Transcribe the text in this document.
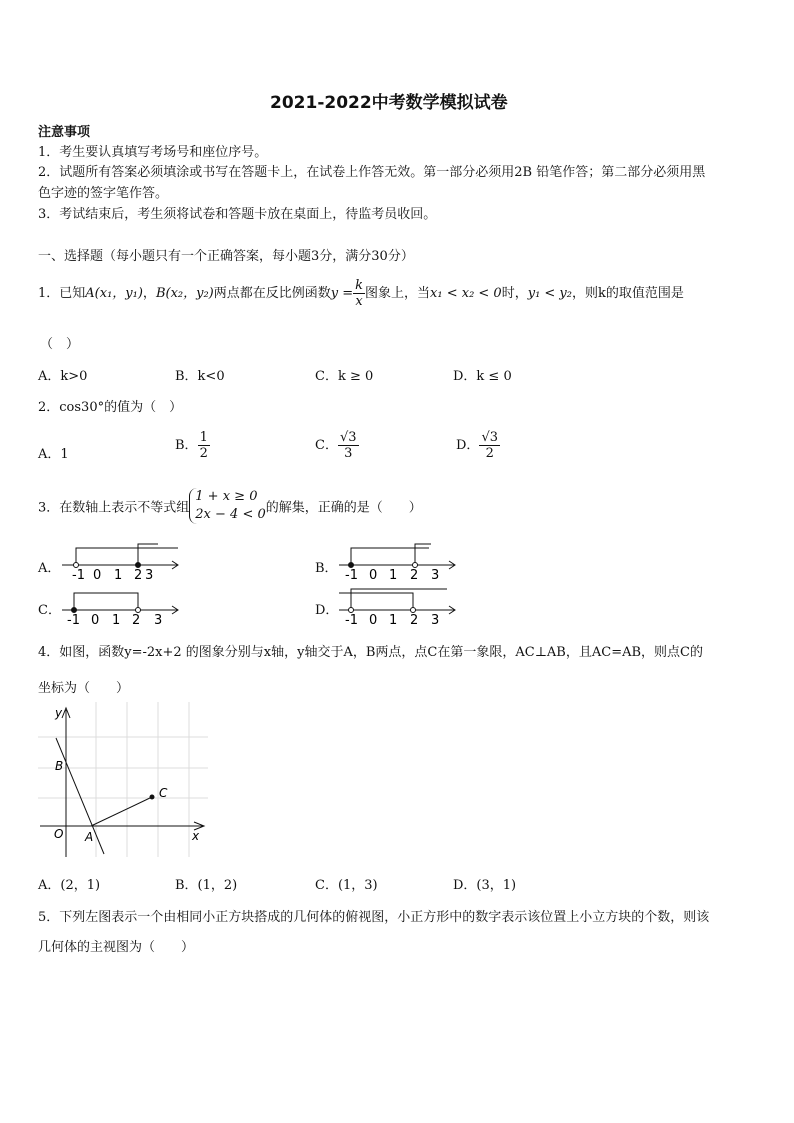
2021-2022中考数学模拟试卷
注意事项
1．考生要认真填写考场号和座位序号。
2．试题所有答案必须填涂或书写在答题卡上，在试卷上作答无效。第一部分必须用2B 铅笔作答；第二部分必须用黑
色字迹的签字笔作答。
3．考试结束后，考生须将试卷和答题卡放在桌面上，待监考员收回。
一、选择题（每小题只有一个正确答案，每小题3分，满分30分）
1．已知A(x₁，y₁)，B(x₂，y₂)两点都在反比例函数$y = \frac{k}{x}$ 图象上，当x₁ < x₂ < 0时，y₁ < y₂，则k的取值范围是
（　）
A．k>0	B．k<0	C．k ≥ 0	D．k ≤ 0
2．cos30°的值为（　）
A．1
B． $\frac{1}{2}$	C． $\frac{√3}{3}$	D． $\frac{√3}{2}$
3．在数轴上表示不等式组
1 + x ≥ 0
2x − 4 < 0 的解集，正确的是（　　）
A．	B．
C．	D．
-1 0 1 2 3	-1 0 1 2 3
-1 0 1 2 3	-1 0 1 2 3
4．如图，函数y=-2x+2 的图象分别与x轴，y轴交于A，B两点，点C在第一象限，AC⊥AB，且AC=AB，则点C的
坐标为（　　）
y
x
O A
B
C
A．(2，1)	B．(1，2)	C．(1，3)	D．(3，1)
5．下列左图表示一个由相同小正方块搭成的几何体的俯视图，小正方形中的数字表示该位置上小立方块的个数，则该
几何体的主视图为（　　）
